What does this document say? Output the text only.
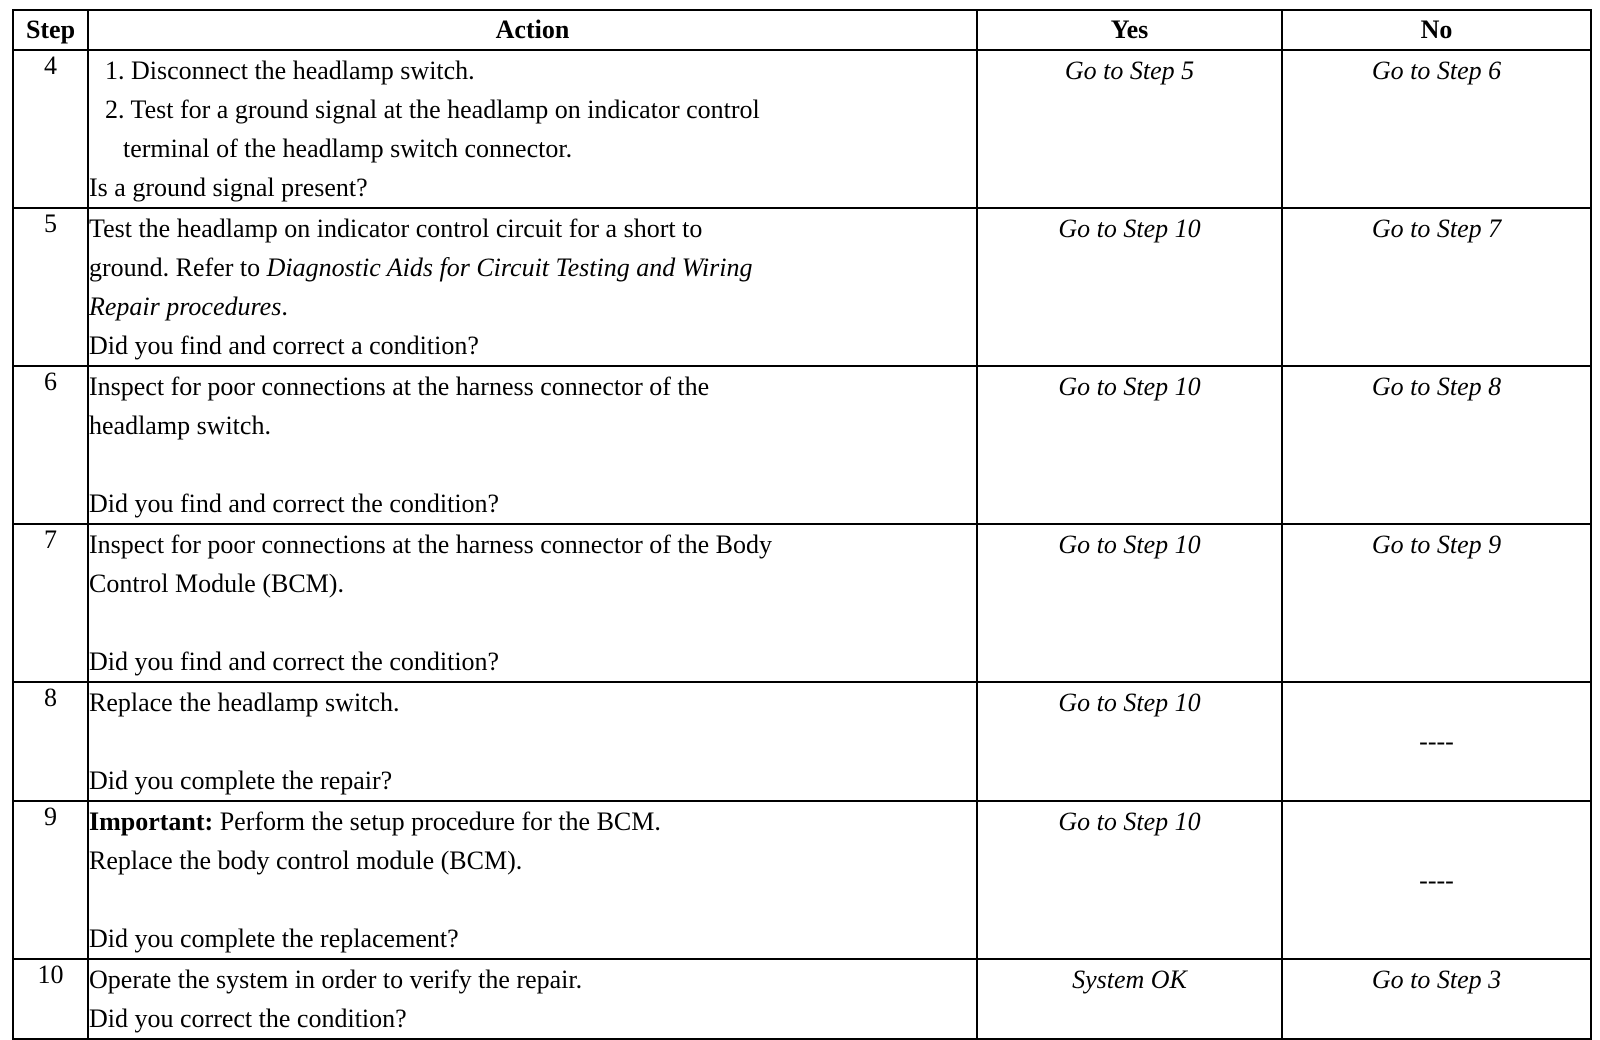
Step	Action	Yes	No
4	1. Disconnect the headlamp switch.
2. Test for a ground signal at the headlamp on indicator control
terminal of the headlamp switch connector.
Is a ground signal present?	Go to Step 5	Go to Step 6
5	Test the headlamp on indicator control circuit for a short to
ground. Refer to Diagnostic Aids for Circuit Testing and Wiring
Repair procedures.
Did you find and correct a condition?	Go to Step 10	Go to Step 7
6	Inspect for poor connections at the harness connector of the
headlamp switch.
Did you find and correct the condition?	Go to Step 10	Go to Step 8
7	Inspect for poor connections at the harness connector of the Body
Control Module (BCM).
Did you find and correct the condition?	Go to Step 10	Go to Step 9
8	Replace the headlamp switch.
Did you complete the repair?	Go to Step 10	----
9	Important: Perform the setup procedure for the BCM.
Replace the body control module (BCM).
Did you complete the replacement?	Go to Step 10	----
10	Operate the system in order to verify the repair.
Did you correct the condition?	System OK	Go to Step 3
